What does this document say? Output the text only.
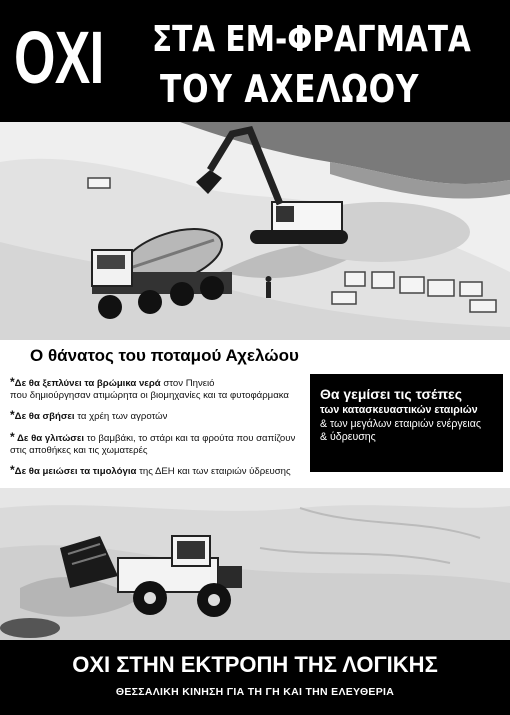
ΟΧΙ ΣΤΑ ΕΜ-ΦΡΑΓΜΑΤΑ
ΤΟΥ ΑΧΕΛΩΟΥ
Ο θάνατος του ποταμού Αχελώου
*Δε θα ξεπλύνει τα βρώμικα νερά στον Πηνειό
που δημιούργησαν ατιμώρητα οι βιομηχανίες και τα φυτοφάρμακα
*Δε θα σβήσει τα χρέη των αγροτών
* Δε θα γλιτώσει το βαμβάκι, το στάρι και τα φρούτα που σαπίζουν
στις αποθήκες και τις χωματερές
*Δε θα μειώσει τα τιμολόγια της ΔΕΗ και των εταιριών ύδρευσης
Θα γεμίσει τις τσέπες
των κατασκευαστικών εταιριών
& των μεγάλων εταιριών ενέργειας
& ύδρευσης
ΟΧΙ ΣΤΗΝ ΕΚΤΡΟΠΗ ΤΗΣ ΛΟΓΙΚΗΣ
ΘΕΣΣΑΛΙΚΗ ΚΙΝΗΣΗ ΓΙΑ ΤΗ ΓΗ ΚΑΙ ΤΗΝ ΕΛΕΥΘΕΡΙΑ
